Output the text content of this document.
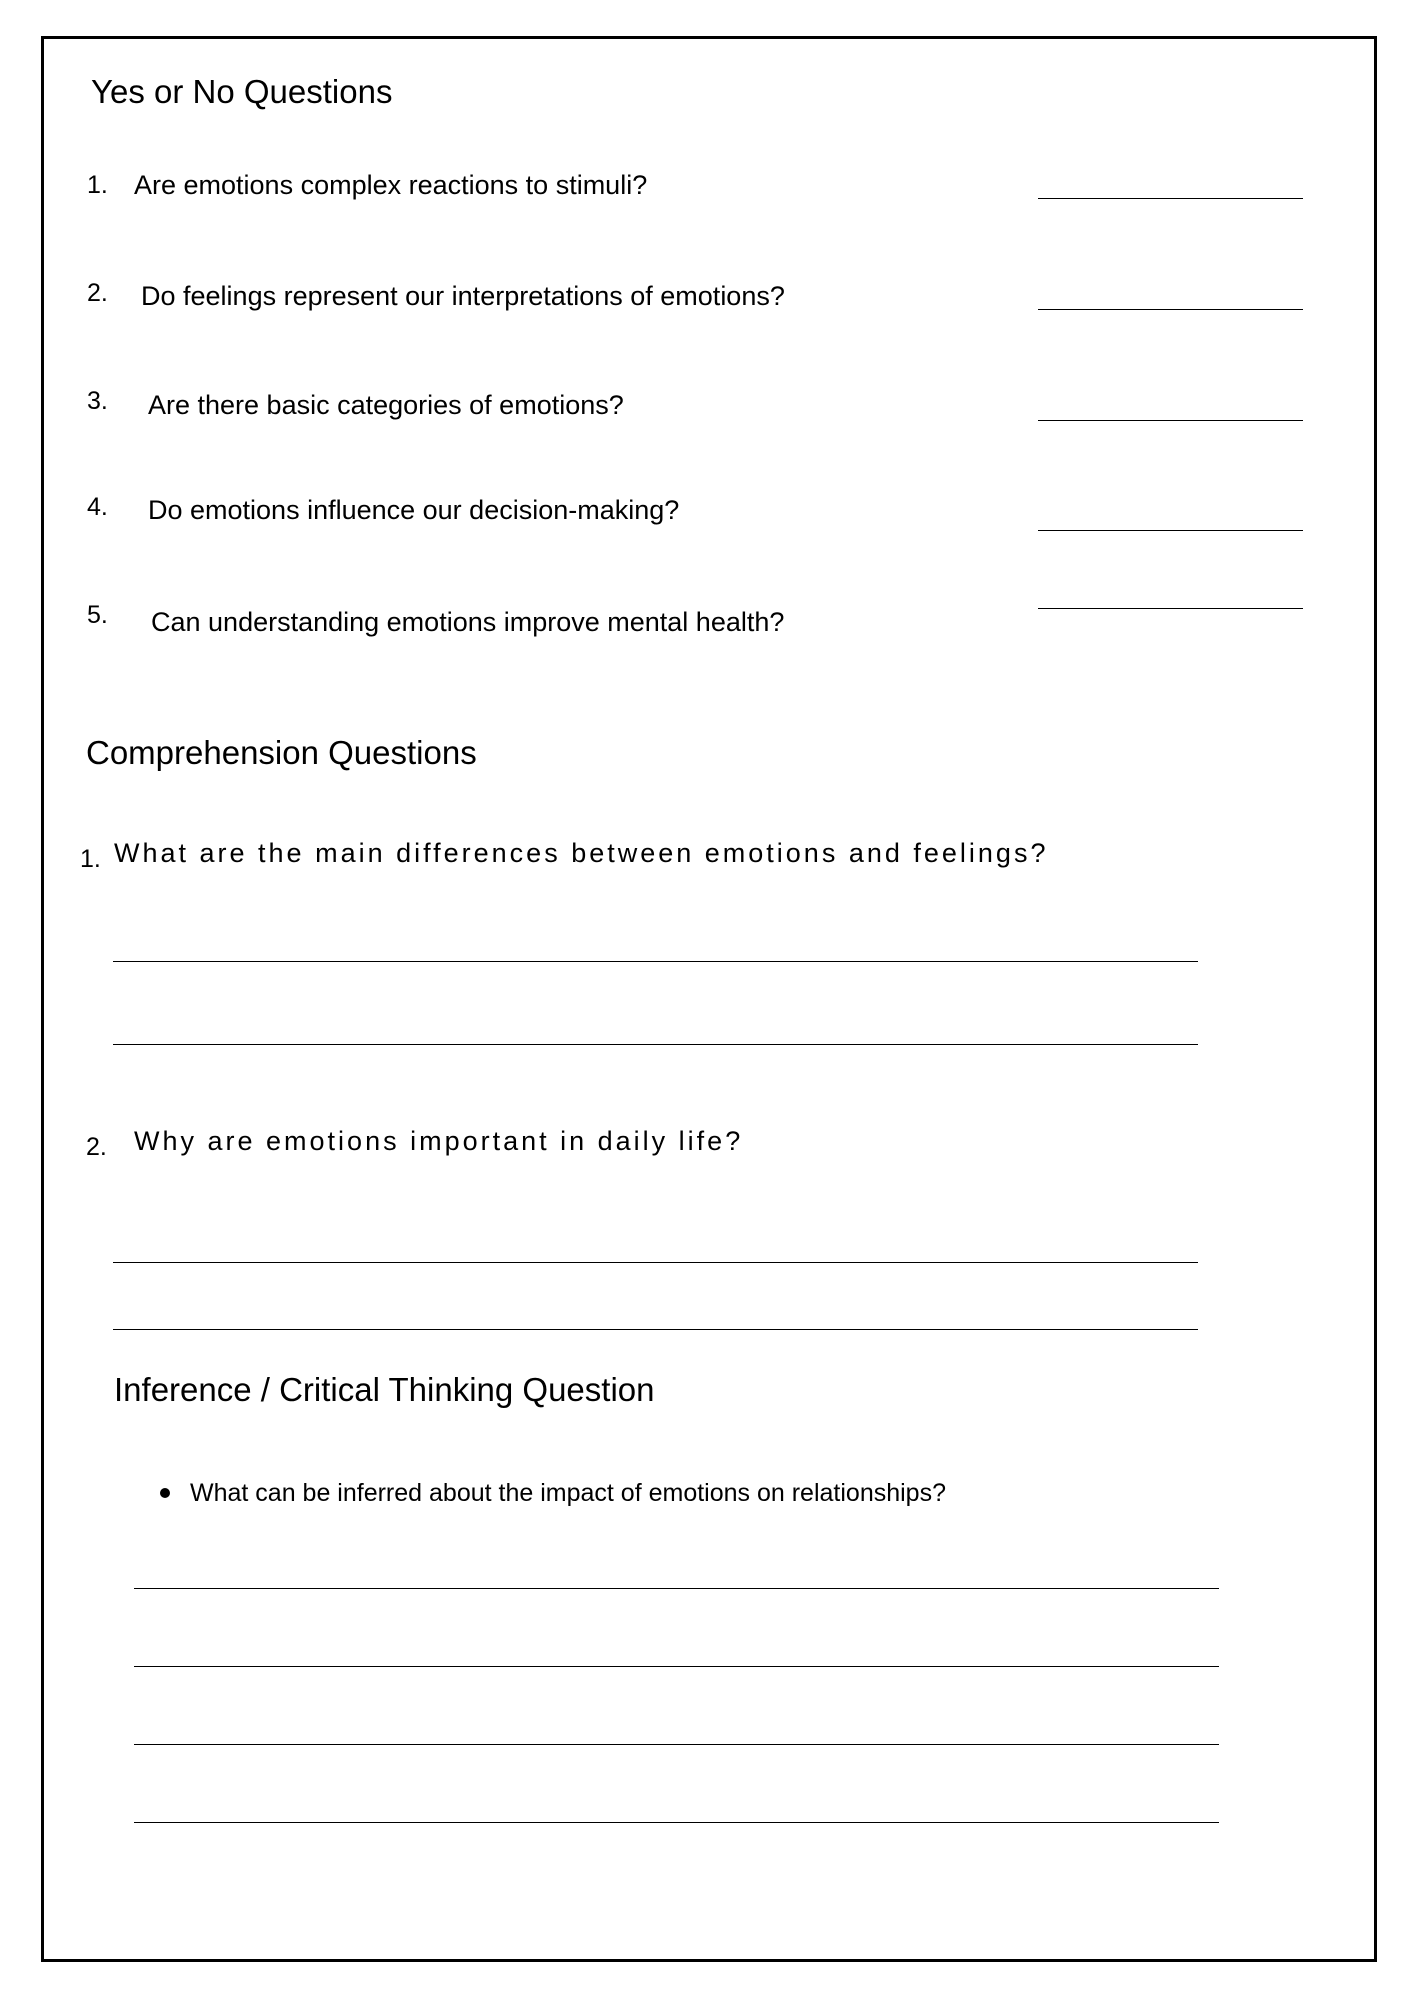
Yes or No Questions
1. Are emotions complex reactions to stimuli?
2. Do feelings represent our interpretations of emotions?
3. Are there basic categories of emotions?
4. Do emotions influence our decision-making?
5. Can understanding emotions improve mental health?
Comprehension Questions
1. What are the main differences between emotions and feelings?
2. Why are emotions important in daily life?
Inference / Critical Thinking Question
What can be inferred about the impact of emotions on relationships?
